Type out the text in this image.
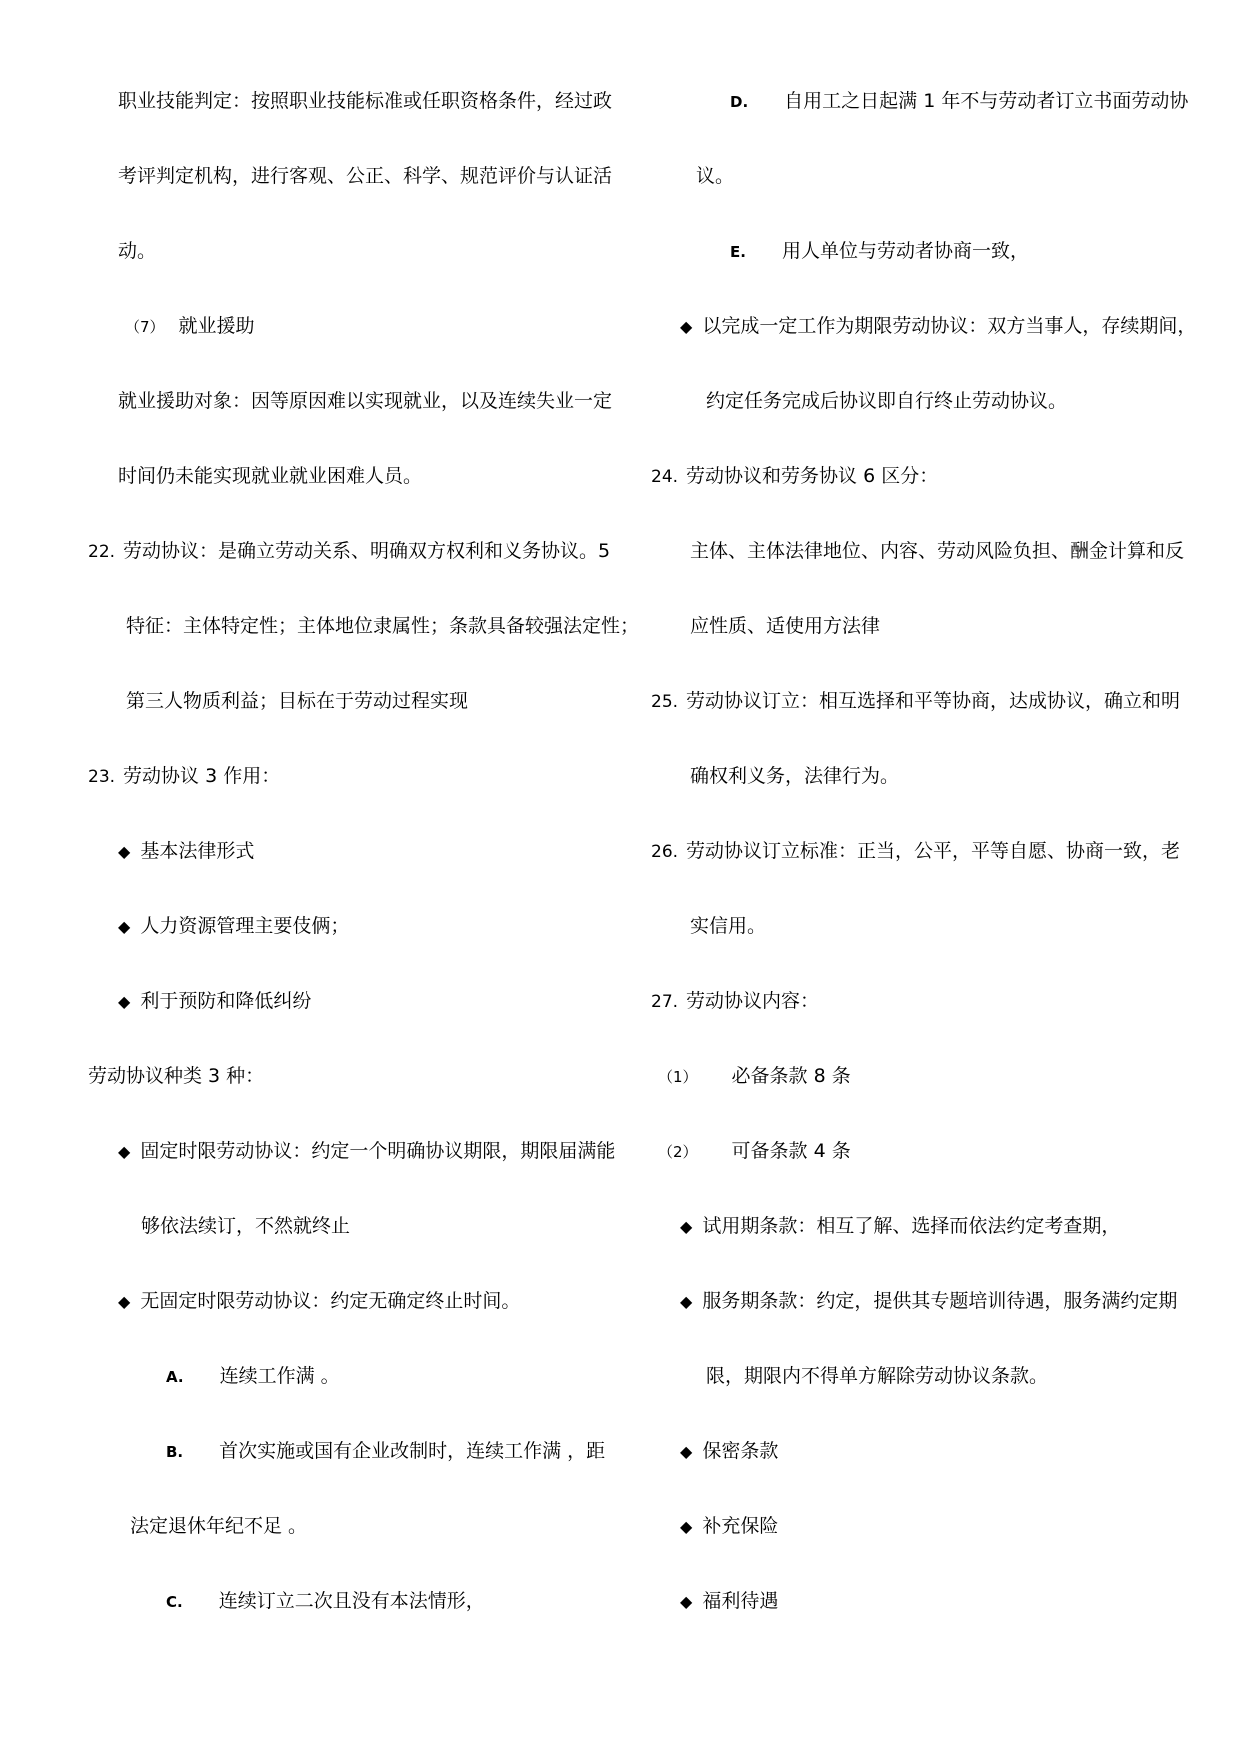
职业技能判定：按照职业技能标准或任职资格条件，经过政
考评判定机构，进行客观、公正、科学、规范评价与认证活
动。
（7） 就业援助
就业援助对象：因等原因难以实现就业，以及连续失业一定
时间仍未能实现就业就业困难人员。
22. 劳动协议：是确立劳动关系、明确双方权利和义务协议。5
特征：主体特定性；主体地位隶属性；条款具备较强法定性；
第三人物质利益；目标在于劳动过程实现
23. 劳动协议 3 作用：
◆ 基本法律形式
◆ 人力资源管理主要伎俩；
◆ 利于预防和降低纠纷
劳动协议种类 3 种：
◆ 固定时限劳动协议：约定一个明确协议期限，期限届满能
够依法续订，不然就终止
◆ 无固定时限劳动协议：约定无确定终止时间。
A. 连续工作满 。
B. 首次实施或国有企业改制时，连续工作满 ，距
法定退休年纪不足 。
C. 连续订立二次且没有本法情形，
D. 自用工之日起满 1 年不与劳动者订立书面劳动协
议。
E. 用人单位与劳动者协商一致，
◆ 以完成一定工作为期限劳动协议：双方当事人，存续期间，
约定任务完成后协议即自行终止劳动协议。
24. 劳动协议和劳务协议 6 区分：
主体、主体法律地位、内容、劳动风险负担、酬金计算和反
应性质、适使用方法律
25. 劳动协议订立：相互选择和平等协商，达成协议，确立和明
确权利义务，法律行为。
26. 劳动协议订立标准：正当，公平，平等自愿、协商一致，老
实信用。
27. 劳动协议内容：
（1） 必备条款 8 条
（2） 可备条款 4 条
◆ 试用期条款：相互了解、选择而依法约定考查期，
◆ 服务期条款：约定，提供其专题培训待遇，服务满约定期
限，期限内不得单方解除劳动协议条款。
◆ 保密条款
◆ 补充保险
◆ 福利待遇
